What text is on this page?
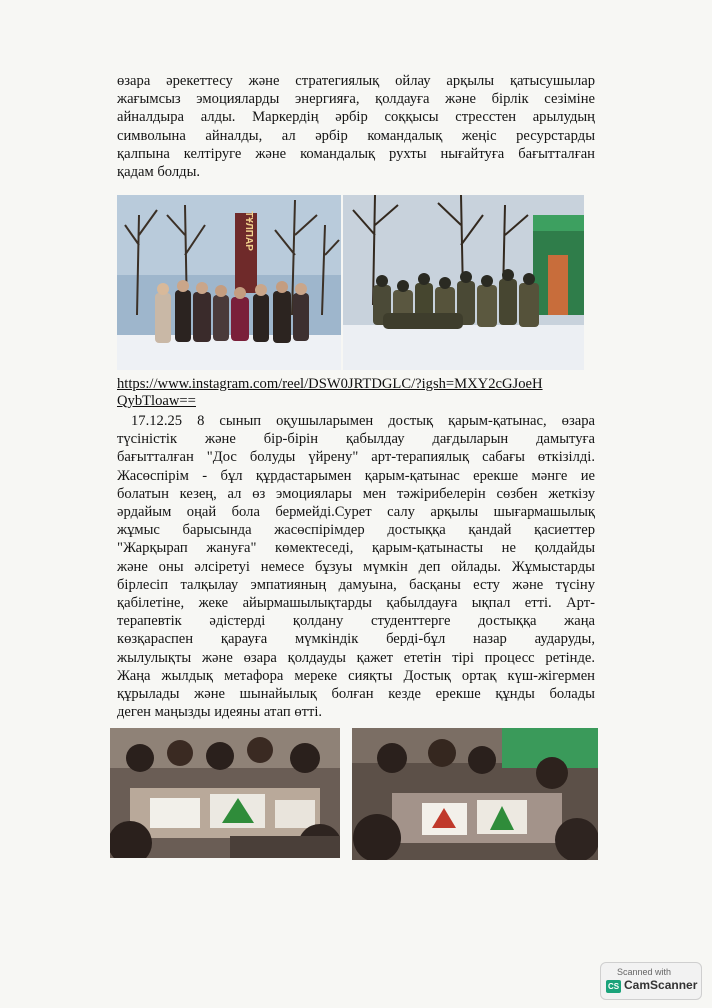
өзара әрекеттесу және стратегиялық ойлау арқылы қатысушылар
жағымсыз эмоцияларды энергияға, қолдауға және бірлік сезіміне
айналдыра алды. Маркердің әрбір соққысы стресстен арылудың
символына айналды, ал әрбір командалық жеңіс ресурстарды
қалпына келтіруге және командалық рухты нығайтуға бағытталған
қадам болды.

ТҰЛПАР
https://www.instagram.com/reel/DSW0JRTDGLC/?igsh=MXY2cGJoeH
QybTloaw==

17.12.25 8 сынып оқушыларымен достық қарым-қатынас, өзара
түсіністік және бір-бірін қабылдау дағдыларын дамытуға
бағытталған "Дос болуды үйрену" арт-терапиялық сабағы өткізілді.
Жасөспірім - бұл құрдастарымен қарым-қатынас ерекше мәнге ие
болатын кезең, ал өз эмоциялары мен тәжірибелерін сөзбен жеткізу
әрдайым оңай бола бермейді.Сурет салу арқылы шығармашылық
жұмыс барысында жасөспірімдер достыққа қандай қасиеттер
"Жарқырап жануға" көмектеседі, қарым-қатынасты не қолдайды
және оны әлсіретуі немесе бұзуы мүмкін деп ойлады. Жұмыстарды
бірлесіп талқылау эмпатияның дамуына, басқаны есту және түсіну
қабілетіне, жеке айырмашылықтарды қабылдауға ықпал етті. Арт-
терапевтік әдістерді қолдану студенттерге достыққа жаңа
көзқараспен қарауға мүмкіндік берді-бұл назар аударуды,
жылулықты және өзара қолдауды қажет ететін тірі процесс ретінде.
Жаңа жылдық метафора мереке сияқты Достық ортақ күш-жігермен
құрылады және шынайылық болған кезде ерекше құнды болады
деген маңызды идеяны атап өтті.

Scanned with
CS CamScanner
